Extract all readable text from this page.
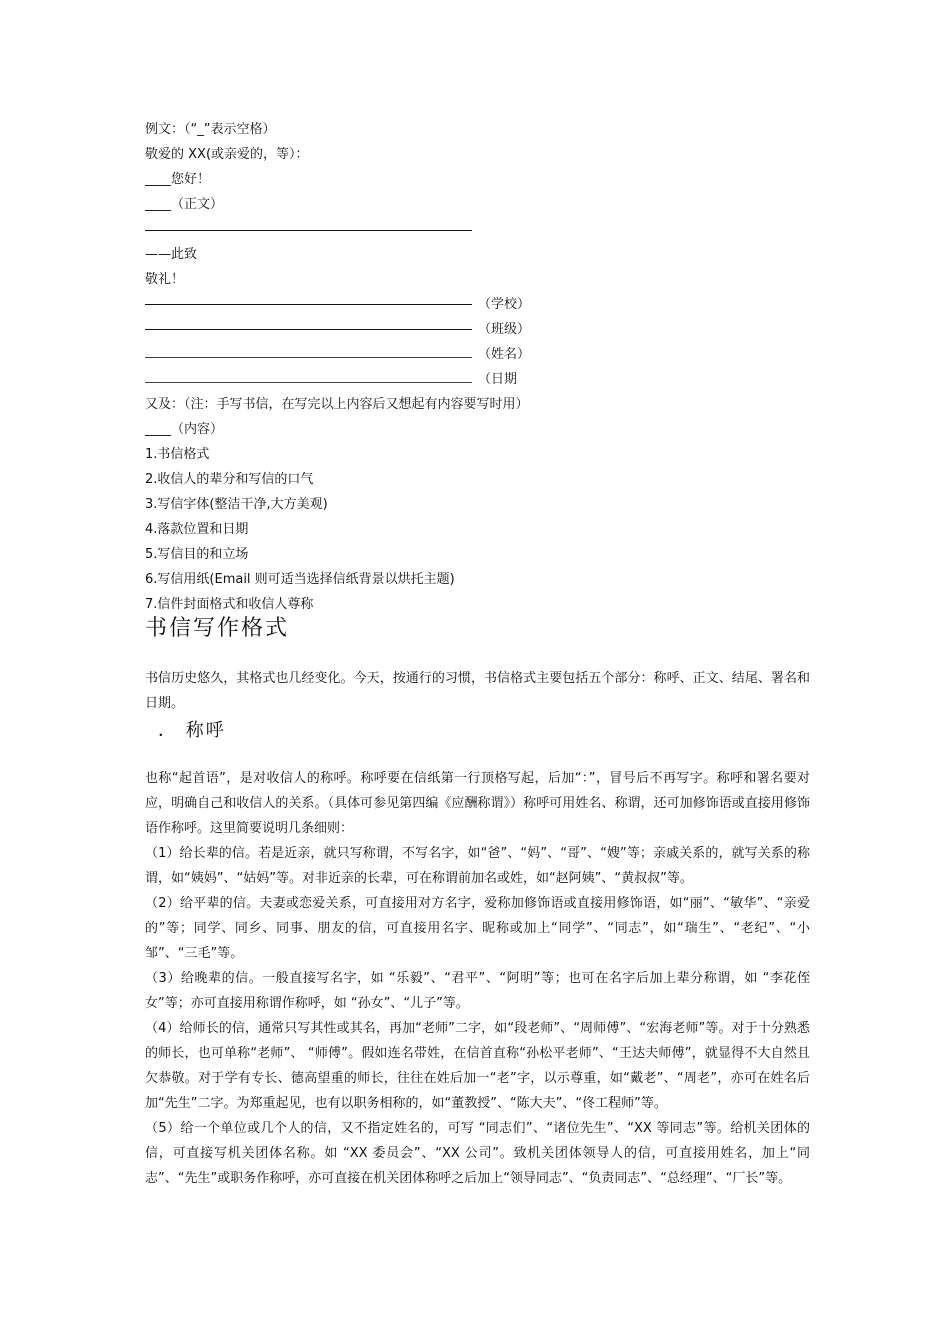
例文：（“_”表示空格）
敬爱的 XX(或亲爱的，等）：
____您好！
____（正文）
——此致
敬礼！
（学校）
（班级）
（姓名）
（日期
又及：（注：手写书信，在写完以上内容后又想起有内容要写时用）
____（内容）
1.书信格式
2.收信人的辈分和写信的口气
3.写信字体(整洁干净,大方美观)
4.落款位置和日期
5.写信目的和立场
6.写信用纸(Email 则可适当选择信纸背景以烘托主题)
7.信件封面格式和收信人尊称
书信写作格式

书信历史悠久，其格式也几经变化。今天，按通行的习惯，书信格式主要包括五个部分：称呼、正文、结尾、署名和日期。

． 称呼

也称“起首语”，是对收信人的称呼。称呼要在信纸第一行顶格写起，后加“：”，冒号后不再写字。称呼和署名要对应，明确自己和收信人的关系。（具体可参见第四编《应酬称谓》）称呼可用姓名、称谓，还可加修饰语或直接用修饰语作称呼。这里简要说明几条细则：

（1）给长辈的信。若是近亲，就只写称谓，不写名字，如“爸”、“妈”、“哥”、“嫂”等；亲戚关系的，就写关系的称谓，如“姨妈”、“姑妈”等。对非近亲的长辈，可在称谓前加名或姓，如“赵阿姨”、“黄叔叔”等。

（2）给平辈的信。夫妻或恋爱关系，可直接用对方名字，爱称加修饰语或直接用修饰语，如“丽”、“敏华”、“亲爱的”等；同学、同乡、同事、朋友的信，可直接用名字、昵称或加上“同学”、“同志”，如“瑞生”、“老纪”、“小邹”、“三毛”等。

（3）给晚辈的信。一般直接写名字，如 “乐毅”、“君平”、“阿明”等；也可在名字后加上辈分称谓，如 “李花侄女”等；亦可直接用称谓作称呼，如 “孙女”、“儿子”等。

（4）给师长的信，通常只写其性或其名，再加“老师”二字，如“段老师”、“周师傅”、“宏海老师”等。对于十分熟悉的师长，也可单称“老师”、 “师傅”。假如连名带姓，在信首直称“孙松平老师”、“王达夫师傅”，就显得不大自然且欠恭敬。对于学有专长、德高望重的师长，往往在姓后加一“老”字，以示尊重，如“戴老”、“周老”，亦可在姓名后加“先生”二字。为郑重起见，也有以职务相称的，如“董教授”、“陈大夫”、“佟工程师”等。

（5）给一个单位或几个人的信，又不指定姓名的，可写 “同志们”、“诸位先生”、“XX 等同志”等。给机关团体的信，可直接写机关团体名称。如 “XX 委员会”、“XX 公司”。致机关团体领导人的信，可直接用姓名，加上“同志”、“先生”或职务作称呼，亦可直接在机关团体称呼之后加上“领导同志”、“负责同志”、“总经理”、“厂长”等。
